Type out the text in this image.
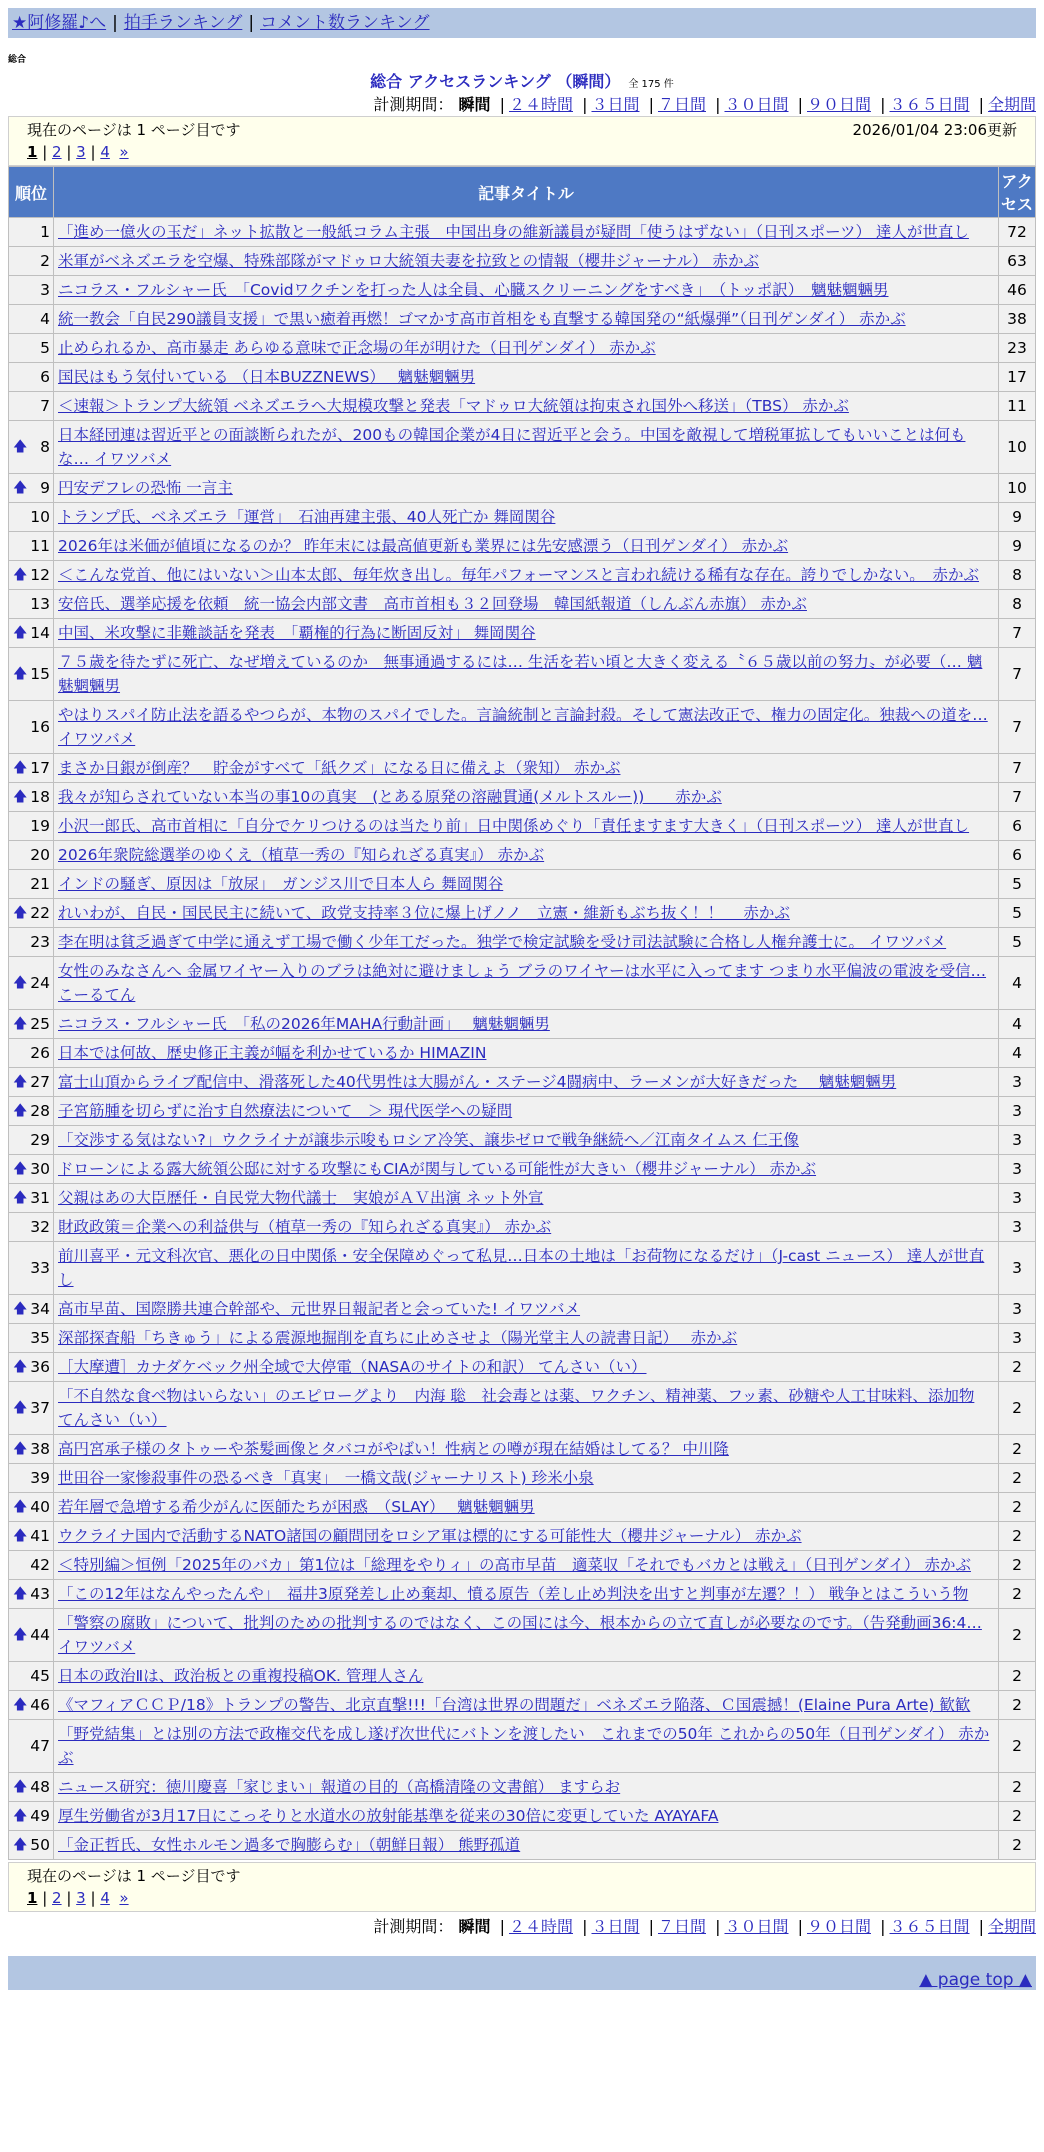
★阿修羅♪へ | 拍手ランキング | コメント数ランキング
総合
総合 アクセスランキング （瞬間） 全 175 件
計測期間： 瞬間 | ２４時間 | ３日間 | ７日間 | ３０日間 | ９０日間 | ３６５日間 | 全期間
現在のページは 1 ページ目です	2026/01/04 23:06更新
1 | 2 | 3 | 4 »
順位	記事タイトル	アクセス
1	「進め一億火の玉だ」ネット拡散と一般紙コラム主張　中国出身の維新議員が疑問「使うはずない」（日刊スポーツ） 達人が世直し	72
2	米軍がベネズエラを空爆、特殊部隊がマドゥロ大統領夫妻を拉致との情報（櫻井ジャーナル） 赤かぶ	63
3	ニコラス・フルシャー氏　「Covidワクチンを打った人は全員、心臓スクリーニングをすべき」　（トッポ訳）　魑魅魍魎男	46
4	統一教会「自民290議員支援」で黒い癒着再燃！ゴマかす高市首相をも直撃する韓国発の“紙爆弾”（日刊ゲンダイ） 赤かぶ	38
5	止められるか、高市暴走 あらゆる意味で正念場の年が明けた（日刊ゲンダイ） 赤かぶ	23
6	国民はもう気付いている （日本BUZZNEWS）　 魑魅魍魎男	17
7	＜速報＞トランプ大統領 ベネズエラへ大規模攻撃と発表「マドゥロ大統領は拘束され国外へ移送」（TBS） 赤かぶ	11

🡅 8	日本経団連は習近平との面談断られたが、200もの韓国企業が4日に習近平と会う。中国を敵視して増税軍拡してもいいことは何もな… イワツバメ	10

🡅 9	円安デフレの恐怖 一言主	10
10	トランプ氏、ベネズエラ「運営」　石油再建主張、40人死亡か 舞岡関谷	9
11	2026年は米価が値頃になるのか？ 昨年末には最高値更新も業界には先安感漂う（日刊ゲンダイ） 赤かぶ	9

🡅 12	＜こんな党首、他にはいない＞山本太郎、毎年炊き出し。毎年パフォーマンスと言われ続ける稀有な存在。誇りでしかない。　赤かぶ	8
13	安倍氏、選挙応援を依頼　統一協会内部文書　高市首相も３２回登場　韓国紙報道（しんぶん赤旗） 赤かぶ	8

🡅 14	中国、米攻撃に非難談話を発表　「覇権的行為に断固反対」 舞岡関谷	7

🡅 15	７５歳を待たずに死亡、なぜ増えているのか　無事通過するには… 生活を若い頃と大きく変える〝６５歳以前の努力〟が必要（… 魑魅魍魎男	7
16	やはりスパイ防止法を語るやつらが、本物のスパイでした。言論統制と言論封殺。そして憲法改正で、権力の固定化。独裁への道を… イワツバメ	7

🡅 17	まさか日銀が倒産？　貯金がすべて「紙クズ」になる日に備えよ（衆知） 赤かぶ	7

🡅 18	我々が知らされていない本当の事10の真実　(とある原発の溶融貫通(メルトスルー))　　赤かぶ	7
19	小沢一郎氏、高市首相に「自分でケリつけるのは当たり前」日中関係めぐり「責任ますます大きく」（日刊スポーツ） 達人が世直し	6
20	2026年衆院総選挙のゆくえ（植草一秀の『知られざる真実』） 赤かぶ	6
21	インドの騒ぎ、原因は「放尿」　ガンジス川で日本人ら 舞岡関谷	5

🡅 22	れいわが、自民・国民民主に続いて、政党支持率３位に爆上げノノ　立憲・維新もぶち抜く！！　 赤かぶ	5
23	李在明は貧乏過ぎて中学に通えず工場で働く少年工だった。独学で検定試験を受け司法試験に合格し人権弁護士に。 イワツバメ	5

🡅 24	女性のみなさんへ 金属ワイヤー入りのブラは絶対に避けましょう ブラのワイヤーは水平に入ってます つまり水平偏波の電波を受信… こーるてん	4

🡅 25	ニコラス・フルシャー氏　「私の2026年MAHA行動計画」　 魑魅魍魎男	4
26	日本では何故、歴史修正主義が幅を利かせているか HIMAZIN	4

🡅 27	富士山頂からライブ配信中、滑落死した40代男性は大腸がん・ステージ4闘病中、ラーメンが大好きだった　 魑魅魍魎男	3

🡅 28	子宮筋腫を切らずに治す自然療法について　＞ 現代医学への疑問	3
29	「交渉する気はない?」ウクライナが譲歩示唆もロシア冷笑、譲歩ゼロで戦争継続へ／江南タイムス 仁王像	3

🡅 30	ドローンによる露大統領公邸に対する攻撃にもCIAが関与している可能性が大きい（櫻井ジャーナル） 赤かぶ	3

🡅 31	父親はあの大臣歴任・自民党大物代議士　実娘がＡＶ出演 ネット外宣	3
32	財政政策＝企業への利益供与（植草一秀の『知られざる真実』） 赤かぶ	3
33	前川喜平・元文科次官、悪化の日中関係・安全保障めぐって私見…日本の土地は「お荷物になるだけ」（J-cast ニュース） 達人が世直し	3

🡅 34	高市早苗、国際勝共連合幹部や、元世界日報記者と会っていた! イワツバメ	3
35	深部探査船「ちきゅう」による震源地掘削を直ちに止めさせよ（陽光堂主人の読書日記）　 赤かぶ	3

🡅 36	［大摩遭］カナダケベック州全域で大停電（NASAのサイトの和訳） てんさい（い）	2

🡅 37	「不自然な食べ物はいらない」のエピローグより　内海 聡　社会毒とは薬、ワクチン、精神薬、フッ素、砂糖や人工甘味料、添加物 てんさい（い）	2

🡅 38	高円宮承子様のタトゥーや茶髪画像とタバコがやばい！性病との噂が現在結婚はしてる？ 中川隆	2
39	世田谷一家惨殺事件の恐るべき「真実」　一橋文哉(ジャーナリスト) 珍米小泉	2

🡅 40	若年層で急増する希少がんに医師たちが困惑　（SLAY）　 魑魅魍魎男	2

🡅 41	ウクライナ国内で活動するNATO諸国の顧問団をロシア軍は標的にする可能性大（櫻井ジャーナル） 赤かぶ	2
42	＜特別編＞恒例「2025年のバカ」第1位は「総理をやりィ」の高市早苗　適菜収「それでもバカとは戦え」（日刊ゲンダイ） 赤かぶ	2

🡅 43	「この12年はなんやったんや」　福井3原発差し止め棄却、憤る原告（差し止め判決を出すと判事が左遷？！） 戦争とはこういう物	2

🡅 44	「警察の腐敗」について、批判のための批判するのではなく、この国には今、根本からの立て直しが必要なのです。（告発動画36:4… イワツバメ	2
45	日本の政治Ⅱは、政治板との重複投稿OK. 管理人さん	2

🡅 46	《マフィアＣＣＰ/18》トランプの警告、北京直撃!!!「台湾は世界の問題だ」ベネズエラ陥落、Ｃ国震撼！(Elaine Pura Arte) 歓歓	2
47	「野党結集」とは別の方法で政権交代を成し遂げ次世代にバトンを渡したい　これまでの50年 これからの50年（日刊ゲンダイ） 赤かぶ	2

🡅 48	ニュース研究：徳川慶喜「家じまい」報道の目的（高橋清隆の文書館） ますらお	2

🡅 49	厚生労働省が3月17日にこっそりと水道水の放射能基準を従来の30倍に変更していた AYAYAFA	2

🡅 50	「金正哲氏、女性ホルモン過多で胸膨らむ」（朝鮮日報） 熊野孤道	2
現在のページは 1 ページ目です
1 | 2 | 3 | 4 »
計測期間： 瞬間 | ２４時間 | ３日間 | ７日間 | ３０日間 | ９０日間 | ３６５日間 | 全期間
▲ page top ▲
